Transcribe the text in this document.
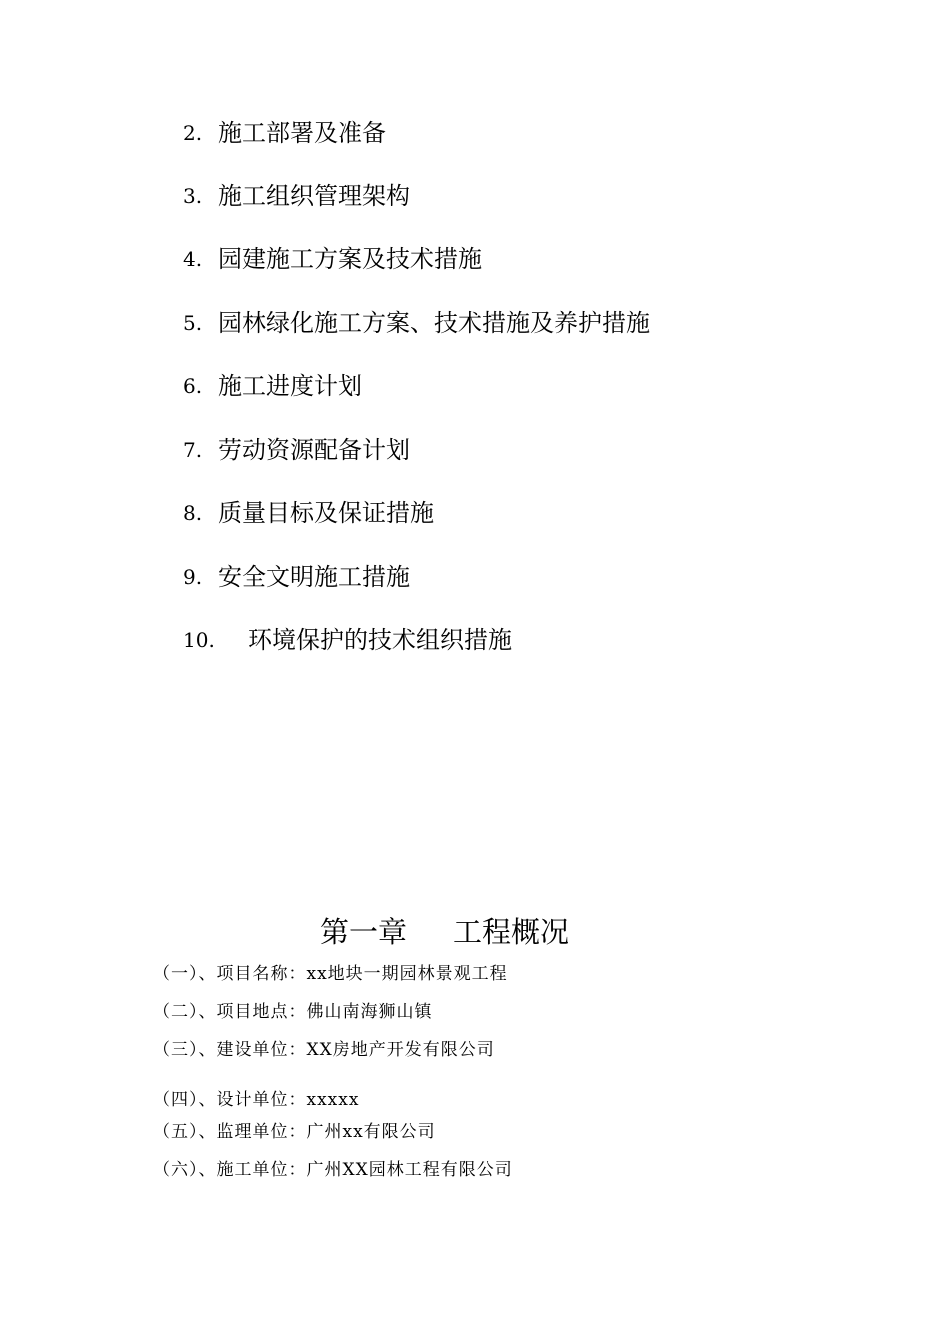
2. 施工部署及准备
3. 施工组织管理架构
4. 园建施工方案及技术措施
5. 园林绿化施工方案、技术措施及养护措施
6. 施工进度计划
7. 劳动资源配备计划
8. 质量目标及保证措施
9. 安全文明施工措施
10. 环境保护的技术组织措施
第一章 工程概况
（一）、项目名称：xx地块一期园林景观工程
（二）、项目地点：佛山南海狮山镇
（三）、建设单位：XX房地产开发有限公司
（四）、设计单位：xxxxx
（五）、监理单位：广州xx有限公司
（六）、施工单位：广州XX园林工程有限公司
